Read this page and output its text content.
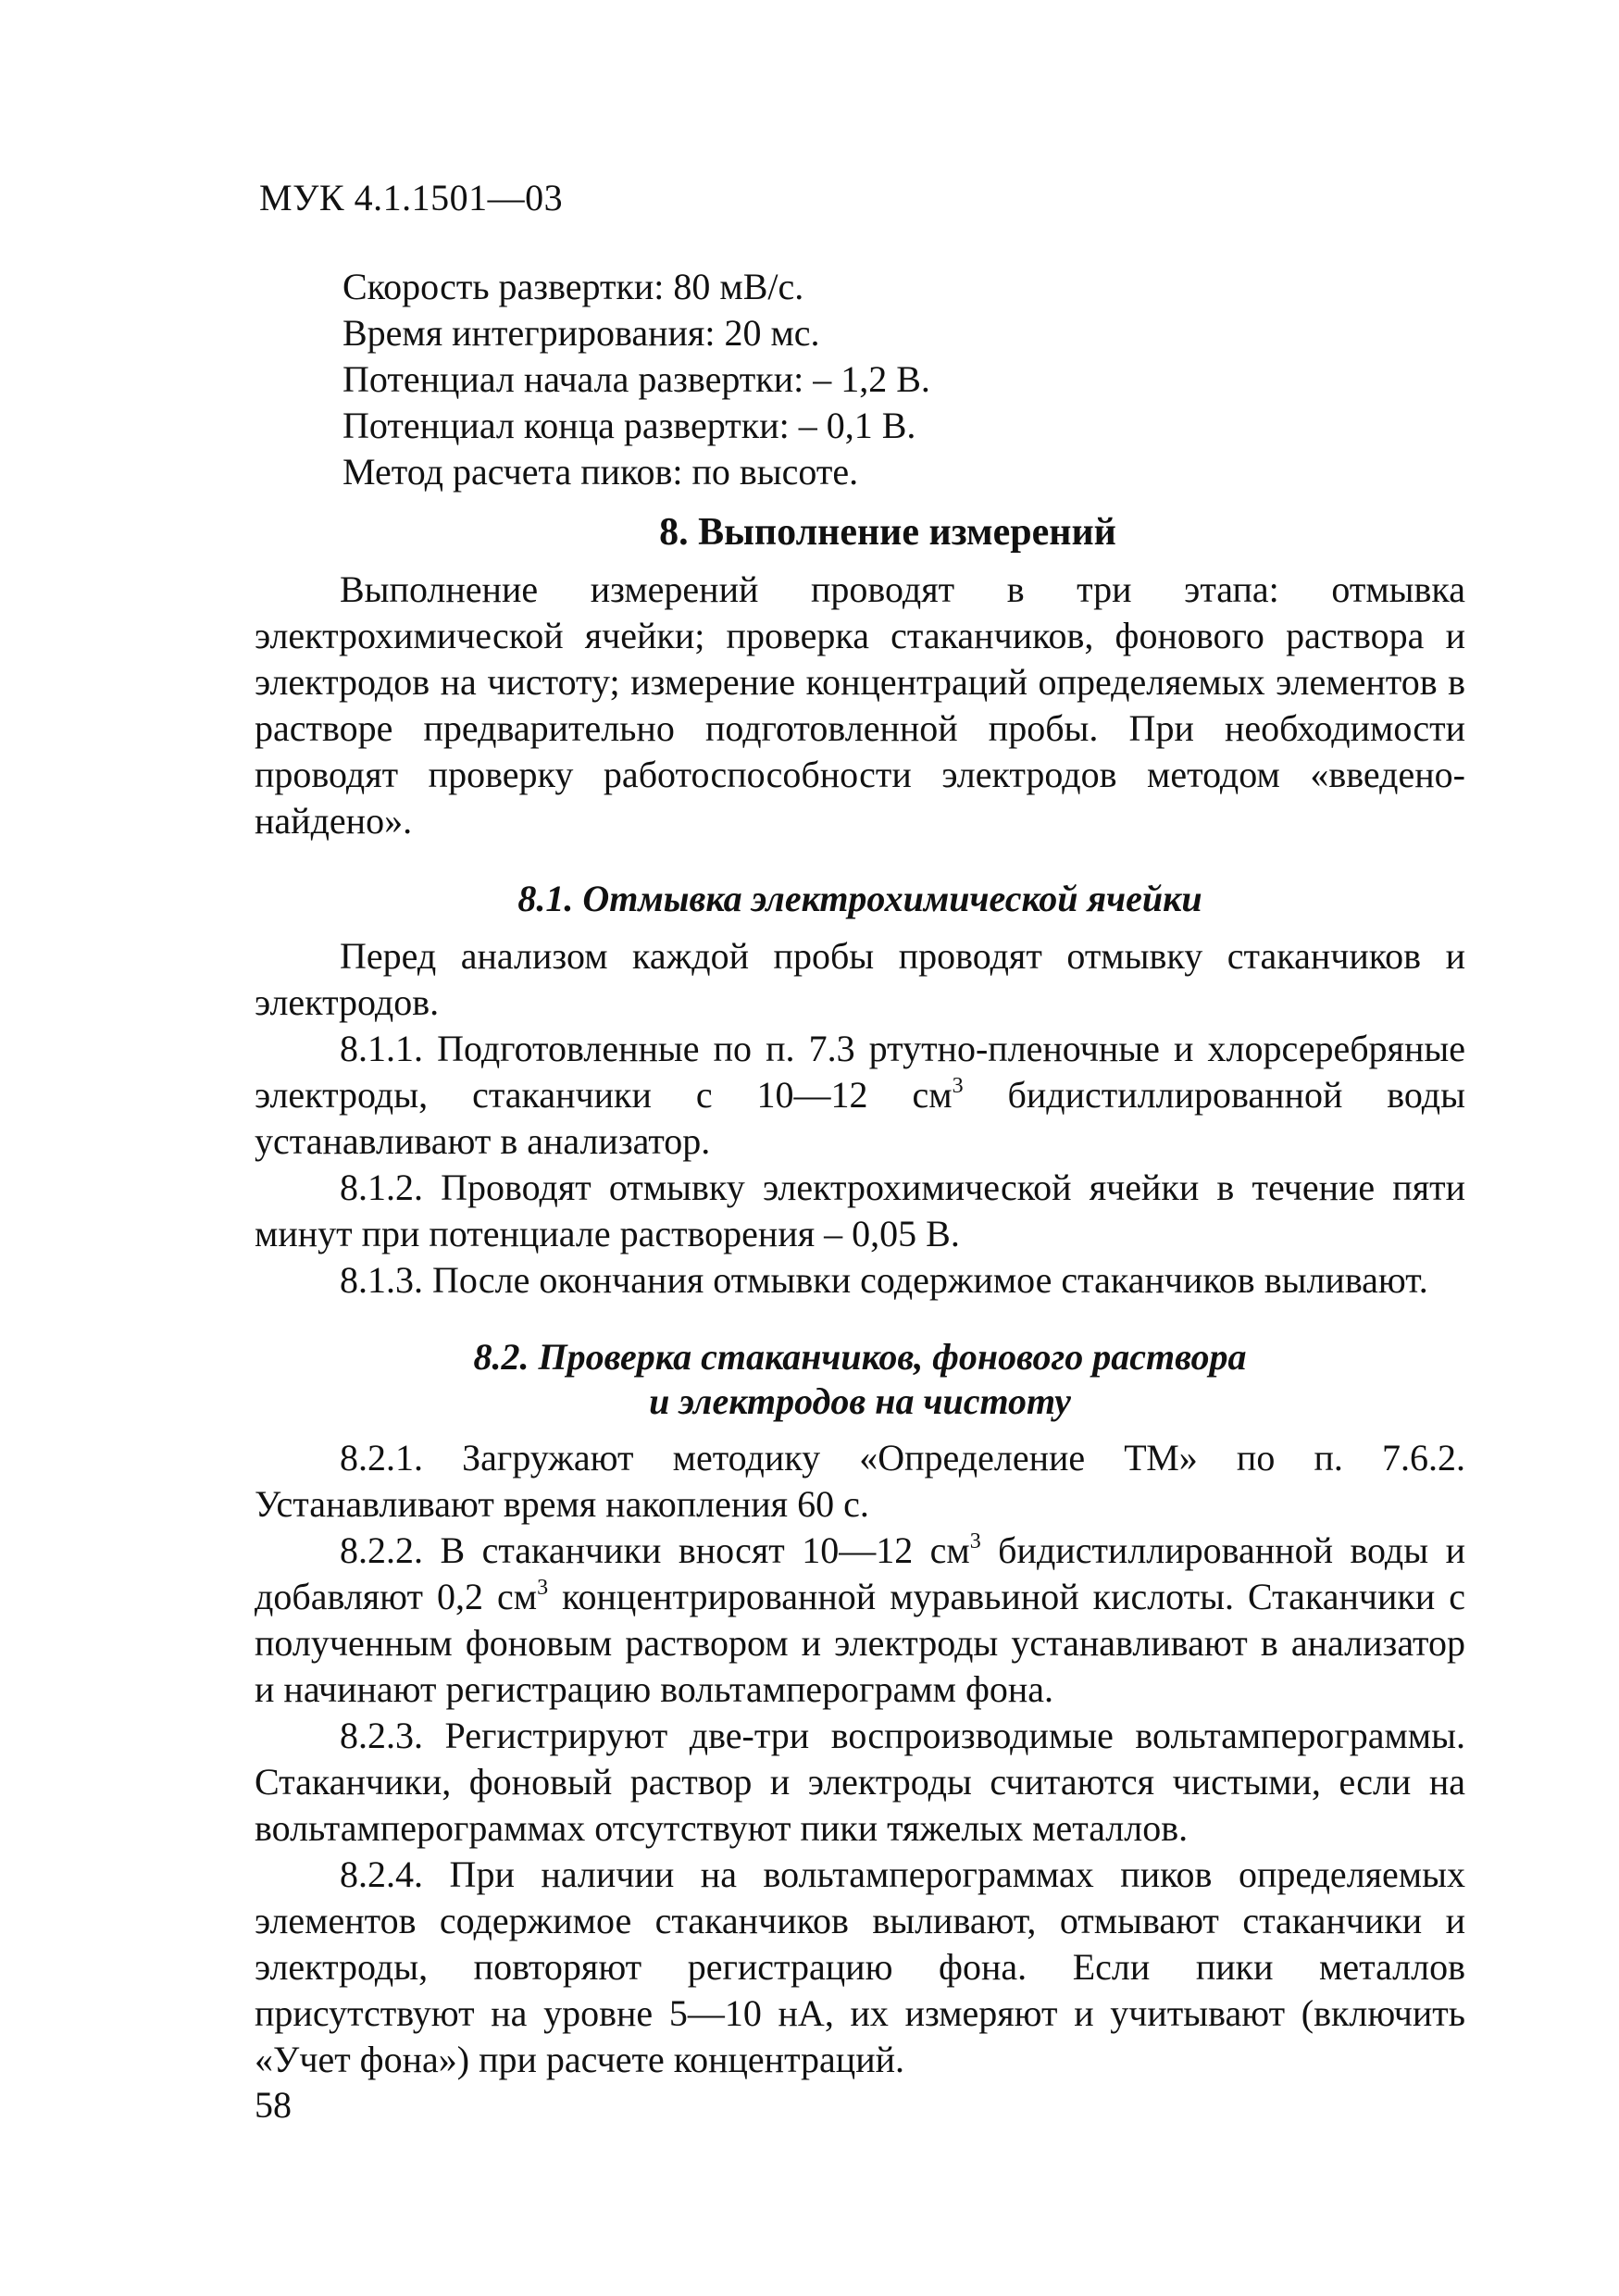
МУК 4.1.1501—03
Скорость развертки: 80 мВ/с.
Время интегрирования: 20 мс.
Потенциал начала развертки: – 1,2 В.
Потенциал конца развертки: – 0,1 В.
Метод расчета пиков: по высоте.
8. Выполнение измерений

Выполнение измерений проводят в три этапа: отмывка электрохимической ячейки; проверка стаканчиков, фонового раствора и электродов на чистоту; измерение концентраций определяемых элементов в растворе предварительно подготовленной пробы. При необходимости проводят проверку работоспособности электродов методом «введено-найдено».

8.1. Отмывка электрохимической ячейки

Перед анализом каждой пробы проводят отмывку стаканчиков и электродов.

8.1.1. Подготовленные по п. 7.3 ртутно-пленочные и хлорсеребряные электроды, стаканчики с 10—12 $см^3$ бидистиллированной воды устанавливают в анализатор.

8.1.2. Проводят отмывку электрохимической ячейки в течение пяти минут при потенциале растворения – 0,05 В.

8.1.3. После окончания отмывки содержимое стаканчиков выливают.

8.2. Проверка стаканчиков, фонового раствора
и электродов на чистоту

8.2.1. Загружают методику «Определение ТМ» по п. 7.6.2. Устанавливают время накопления 60 с.

8.2.2. В стаканчики вносят 10—12 $см^3$ бидистиллированной воды и добавляют 0,2 $см^3$ концентрированной муравьиной кислоты. Стаканчики с полученным фоновым раствором и электроды устанавливают в анализатор и начинают регистрацию вольтамперограмм фона.

8.2.3. Регистрируют две-три воспроизводимые вольтамперограммы. Стаканчики, фоновый раствор и электроды считаются чистыми, если на вольтамперограммах отсутствуют пики тяжелых металлов.

8.2.4. При наличии на вольтамперограммах пиков определяемых элементов содержимое стаканчиков выливают, отмывают стаканчики и электроды, повторяют регистрацию фона. Если пики металлов присутствуют на уровне 5—10 нА, их измеряют и учитывают (включить «Учет фона») при расчете концентраций.

58
